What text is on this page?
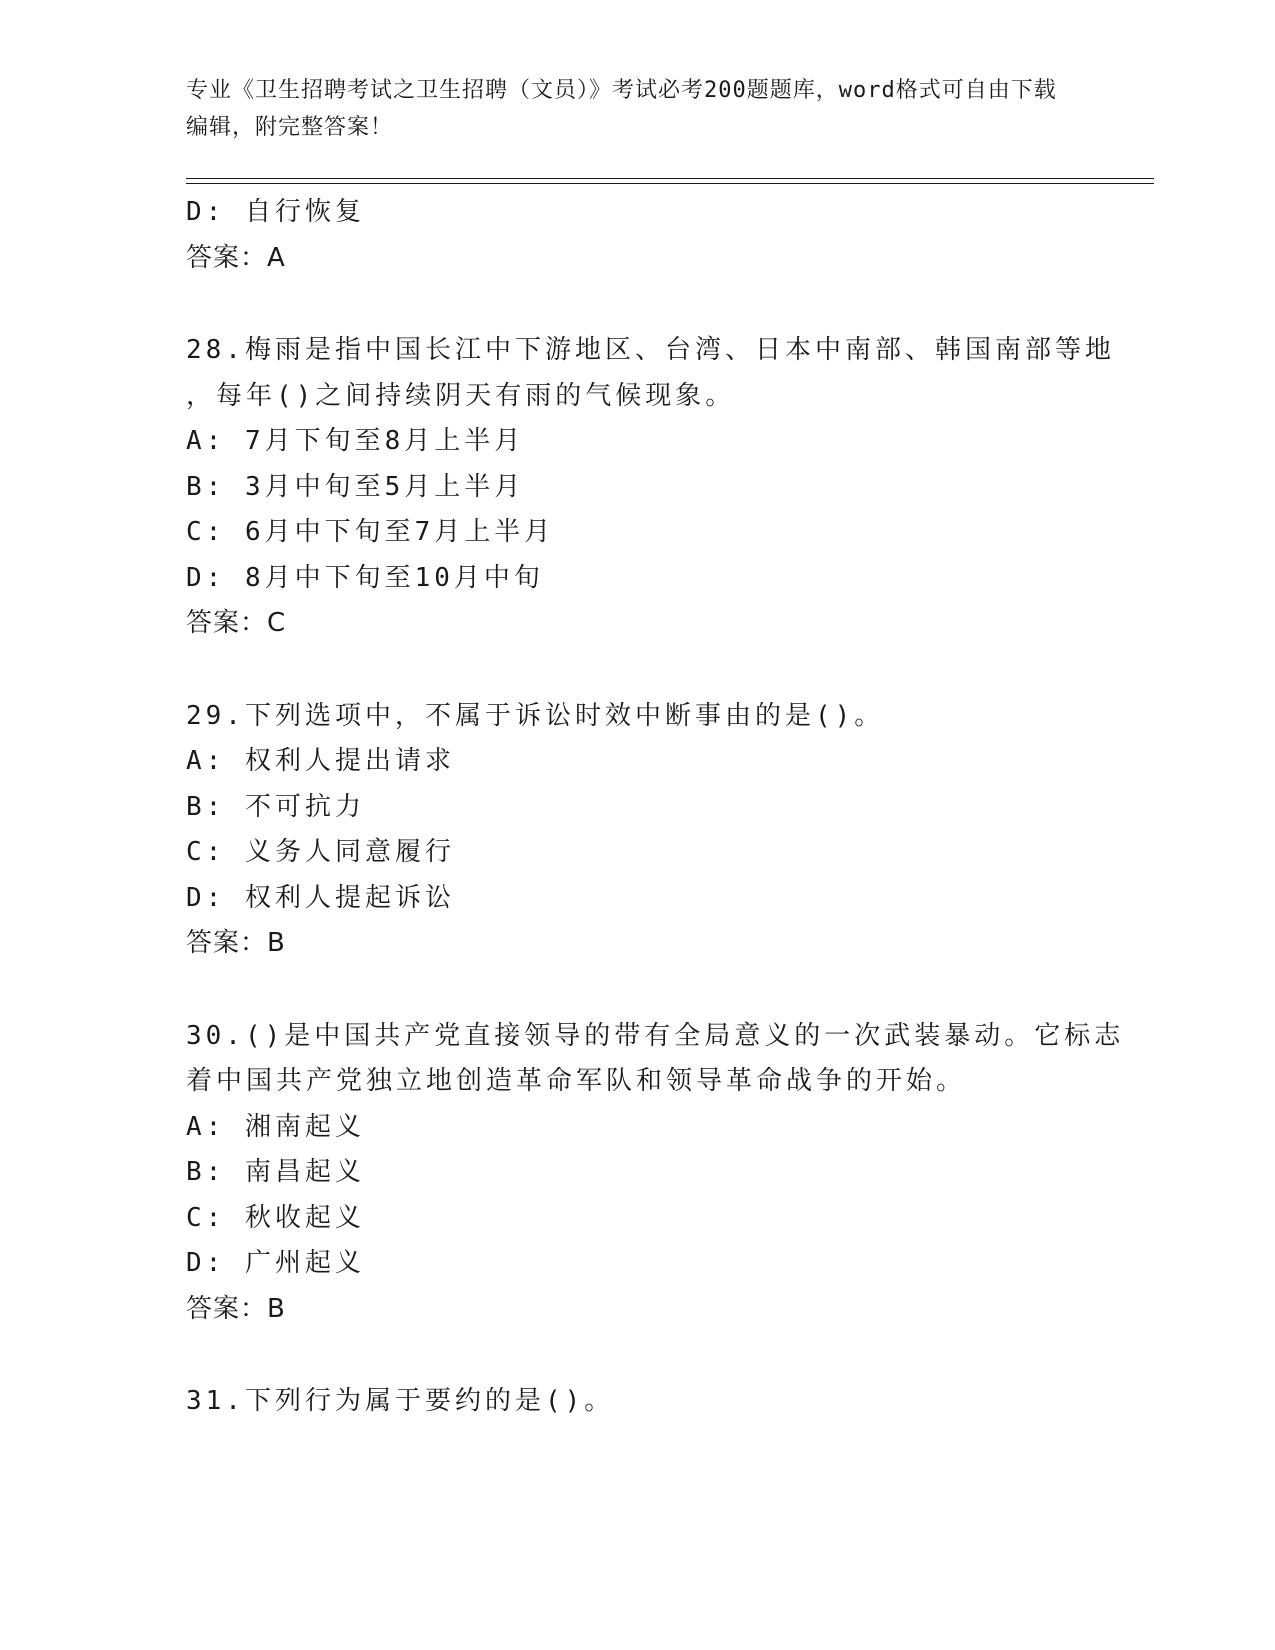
专业《卫生招聘考试之卫生招聘（文员）》考试必考200题题库，word格式可自由下载编辑，附完整答案！
D: 自行恢复
答案：A
28.梅雨是指中国长江中下游地区、台湾、日本中南部、韩国南部等地
，每年()之间持续阴天有雨的气候现象。
A: 7月下旬至8月上半月
B: 3月中旬至5月上半月
C: 6月中下旬至7月上半月
D: 8月中下旬至10月中旬
答案：C
29.下列选项中，不属于诉讼时效中断事由的是()。
A: 权利人提出请求
B: 不可抗力
C: 义务人同意履行
D: 权利人提起诉讼
答案：B
30.()是中国共产党直接领导的带有全局意义的一次武装暴动。它标志
着中国共产党独立地创造革命军队和领导革命战争的开始。
A: 湘南起义
B: 南昌起义
C: 秋收起义
D: 广州起义
答案：B
31.下列行为属于要约的是()。
